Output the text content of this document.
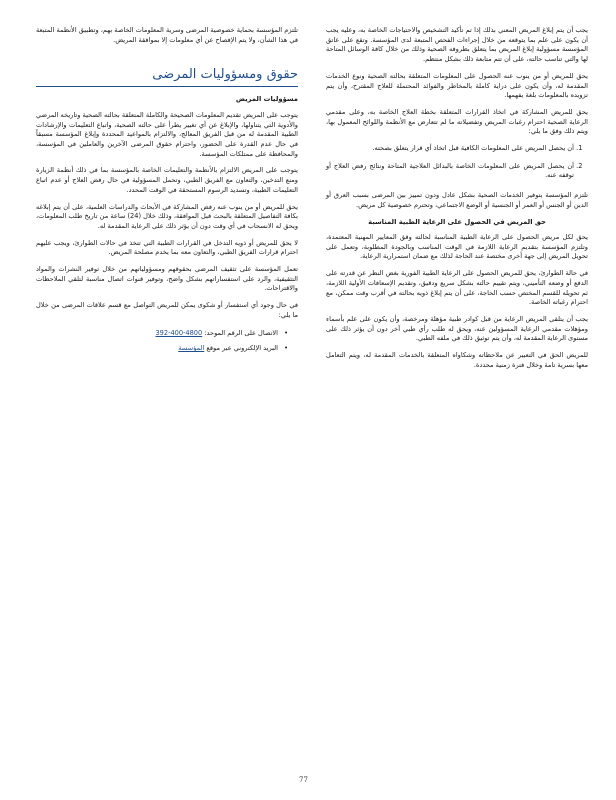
يجب أن يتم إبلاغ المريض المعني بذلك إذا تم تأكيد التشخيص والاحتياجات الخاصة به، وعليه يجب أن يكون على علم بما يتوقعه من خلال إجراءات الفحص المتبعة لدى المؤسسة. وتقع على عاتق المؤسسة مسؤولية إبلاغ المريض بما يتعلق بظروفه الصحية وذلك من خلال كافة الوسائل المتاحة لها والتي تناسب حالته، على أن تتم متابعة ذلك بشكل منتظم.

يحق للمريض أو من ينوب عنه الحصول على المعلومات المتعلقة بحالته الصحية ونوع الخدمات المقدمة له، وأن يكون على دراية كاملة بالمخاطر والفوائد المحتملة للعلاج المقترح، وأن يتم تزويده بالمعلومات بلغة يفهمها.

يحق للمريض المشاركة في اتخاذ القرارات المتعلقة بخطة العلاج الخاصة به، وعلى مقدمي الرعاية الصحية احترام رغبات المريض وتفضيلاته ما لم تتعارض مع الأنظمة واللوائح المعمول بها، ويتم ذلك وفق ما يلي:

1. أن يحصل المريض على المعلومات الكافية قبل اتخاذ أي قرار يتعلق بصحته.
2. أن يحصل المريض على المعلومات الخاصة بالبدائل العلاجية المتاحة ونتائج رفض العلاج أو توقفه عنه.

تلتزم المؤسسة بتوفير الخدمات الصحية بشكل عادل ودون تمييز بين المرضى بسبب العرق أو الدين أو الجنس أو العمر أو الجنسية أو الوضع الاجتماعي، وتحترم خصوصية كل مريض.

حق المريض في الحصول على الرعاية الطبية المناسبة

يحق لكل مريض الحصول على الرعاية الطبية المناسبة لحالته وفق المعايير المهنية المعتمدة، وتلتزم المؤسسة بتقديم الرعاية اللازمة في الوقت المناسب وبالجودة المطلوبة، وتعمل على تحويل المريض إلى جهة أخرى مختصة عند الحاجة لذلك مع ضمان استمرارية الرعاية.

في حالة الطوارئ، يحق للمريض الحصول على الرعاية الطبية الفورية بغض النظر عن قدرته على الدفع أو وضعه التأميني، ويتم تقييم حالته بشكل سريع ودقيق، وتقديم الإسعافات الأولية اللازمة، ثم تحويله للقسم المختص حسب الحاجة، على أن يتم إبلاغ ذويه بحالته في أقرب وقت ممكن، مع احترام رغباته الخاصة.

يجب أن يتلقى المريض الرعاية من قبل كوادر طبية مؤهلة ومرخصة، وأن يكون على علم بأسماء ومؤهلات مقدمي الرعاية المسؤولين عنه، ويحق له طلب رأي طبي آخر دون أن يؤثر ذلك على مستوى الرعاية المقدمة له، وأن يتم توثيق ذلك في ملفه الطبي.

للمريض الحق في التعبير عن ملاحظاته وشكاواه المتعلقة بالخدمات المقدمة له، ويتم التعامل معها بسرية تامة وخلال فترة زمنية محددة.

تلتزم المؤسسة بحماية خصوصية المرضى وسرية المعلومات الخاصة بهم، وتطبيق الأنظمة المتبعة في هذا الشأن، ولا يتم الإفصاح عن أي معلومات إلا بموافقة المريض.

حقوق ومسؤوليات المرضى
مسؤوليات المريض

يتوجب على المريض تقديم المعلومات الصحيحة والكاملة المتعلقة بحالته الصحية وتاريخه المرضي والأدوية التي يتناولها، والإبلاغ عن أي تغيير يطرأ على حالته الصحية، واتباع التعليمات والإرشادات الطبية المقدمة له من قبل الفريق المعالج، والالتزام بالمواعيد المحددة وإبلاغ المؤسسة مسبقاً في حال عدم القدرة على الحضور، واحترام حقوق المرضى الآخرين والعاملين في المؤسسة، والمحافظة على ممتلكات المؤسسة.

يتوجب على المريض الالتزام بالأنظمة والتعليمات الخاصة بالمؤسسة بما في ذلك أنظمة الزيارة ومنع التدخين، والتعاون مع الفريق الطبي، وتحمل المسؤولية في حال رفض العلاج أو عدم اتباع التعليمات الطبية، وتسديد الرسوم المستحقة في الوقت المحدد.

يحق للمريض أو من ينوب عنه رفض المشاركة في الأبحاث والدراسات العلمية، على أن يتم إبلاغه بكافة التفاصيل المتعلقة بالبحث قبل الموافقة، وذلك خلال (24) ساعة من تاريخ طلب المعلومات، ويحق له الانسحاب في أي وقت دون أن يؤثر ذلك على الرعاية المقدمة له.

لا يحق للمريض أو ذويه التدخل في القرارات الطبية التي تتخذ في حالات الطوارئ، ويجب عليهم احترام قرارات الفريق الطبي، والتعاون معه بما يخدم مصلحة المريض.

تعمل المؤسسة على تثقيف المرضى بحقوقهم ومسؤولياتهم من خلال توفير النشرات والمواد التثقيفية، والرد على استفساراتهم بشكل واضح، وتوفير قنوات اتصال مناسبة لتلقي الملاحظات والاقتراحات.

في حال وجود أي استفسار أو شكوى يمكن للمريض التواصل مع قسم علاقات المرضى من خلال ما يلي:

• الاتصال على الرقم الموحد: 392-400-4800
• البريد الإلكتروني عبر موقع المؤسسة
77
